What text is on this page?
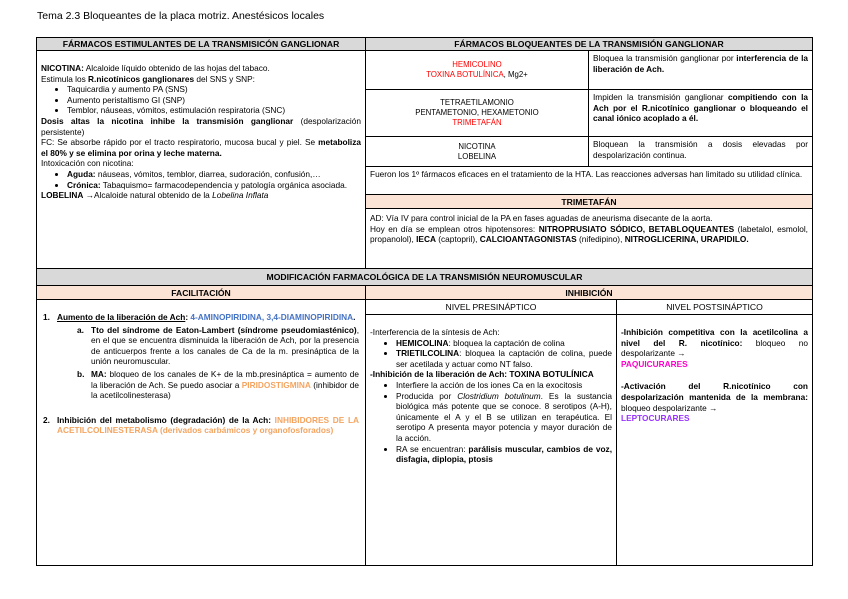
Tema 2.3 Bloqueantes de la placa motriz. Anestésicos locales
FÁRMACOS ESTIMULANTES DE LA TRANSMISICÓN GANGLIONAR

NICOTINA: Alcaloide líquido obtenido de las hojas del tabaco.

Estimula los R.nicotínicos ganglionares del SNS y SNP:

• Taquicardia y aumento PA (SNS)
• Aumento peristaltismo GI (SNP)
• Temblor, náuseas, vómitos, estimulación respiratoria (SNC)

Dosis altas la nicotina inhibe la transmisión ganglionar (despolarización persistente)

FC: Se absorbe rápido por el tracto respiratorio, mucosa bucal y piel. Se metaboliza el 80% y se elimina por orina y leche materna.

Intoxicación con nicotina:

• Aguda: náuseas, vómitos, temblor, diarrea, sudoración, confusión,…
• Crónica: Tabaquismo= farmacodependencia y patología orgánica asociada.

LOBELINA →Alcaloide natural obtenido de la Lobelina Inflata

FÁRMACOS BLOQUEANTES DE LA TRANSMISIÓN GANGLIONAR
HEMICOLINO
TOXINA BOTULÍNICA, Mg2+
Bloquea la transmisión ganglionar por interferencia de la liberación de Ach.
TETRAETILAMONIO
PENTAMETONIO, HEXAMETONIO
TRIMETAFÁN
Impiden la transmisión ganglionar compitiendo con la Ach por el R.nicotínico ganglionar o bloqueando el canal iónico acoplado a él.
NICOTINA
LOBELINA
Bloquean la transmisión a dosis elevadas por despolarización continua.
Fueron los 1º fármacos eficaces en el tratamiento de la HTA. Las reacciones adversas han limitado su utilidad clínica.
TRIMETAFÁN

AD: Vía IV para control inicial de la PA en fases aguadas de aneurisma disecante de la aorta.

Hoy en día se emplean otros hipotensores: NITROPRUSIATO SÓDICO, BETABLOQUEANTES (labetalol, esmolol, propanolol), IECA (captopril), CALCIOANTAGONISTAS (nifedipino), NITROGLICERINA, URAPIDILO.

MODIFICACIÓN FARMACOLÓGICA DE LA TRANSMISIÓN NEUROMUSCULAR
FACILITACIÓN	INHIBICIÓN
NIVEL PRESINÁPTICO	NIVEL POSTSINÁPTICO
1. Aumento de la liberación de Ach: 4-AMINOPIRIDINA, 3,4-DIAMINOPIRIDINA.
a. Tto del síndrome de Eaton-Lambert (síndrome pseudomiasténico), en el que se encuentra disminuida la liberación de Ach, por la presencia de anticuerpos frente a los canales de Ca de la m. presináptica de la unión neuromuscular.
b. MA: bloqueo de los canales de K+ de la mb.presináptica = aumento de la liberación de Ach. Se puedo asociar a PIRIDOSTIGMINA (inhibidor de la acetilcolinesterasa)
2. Inhibición del metabolismo (degradación) de la Ach: INHIBIDORES DE LA ACETILCOLINESTERASA (derivados carbámicos y organofosforados)

-Interferencia de la síntesis de Ach:

• HEMICOLINA: bloquea la captación de colina
• TRIETILCOLINA: bloquea la captación de colina, puede ser acetilada y actuar como NT falso.

-Inhibición de la liberación de Ach: TOXINA BOTULÍNICA

• Interfiere la acción de los iones Ca en la exocitosis
• Producida por Clostridium botulinum. Es la sustancia biológica más potente que se conoce. 8 serotipos (A-H), únicamente el A y el B se utilizan en terapéutica. El serotipo A presenta mayor potencia y mayor duración de la acción.
• RA se encuentran: parálisis muscular, cambios de voz, disfagia, diplopia, ptosis

-Inhibición competitiva con la acetilcolina a nivel del R. nicotínico: bloqueo no despolarizante →

PAQUICURARES

-Activación del R.nicotínico con despolarización mantenida de la membrana: bloqueo despolarizante →

LEPTOCURARES
